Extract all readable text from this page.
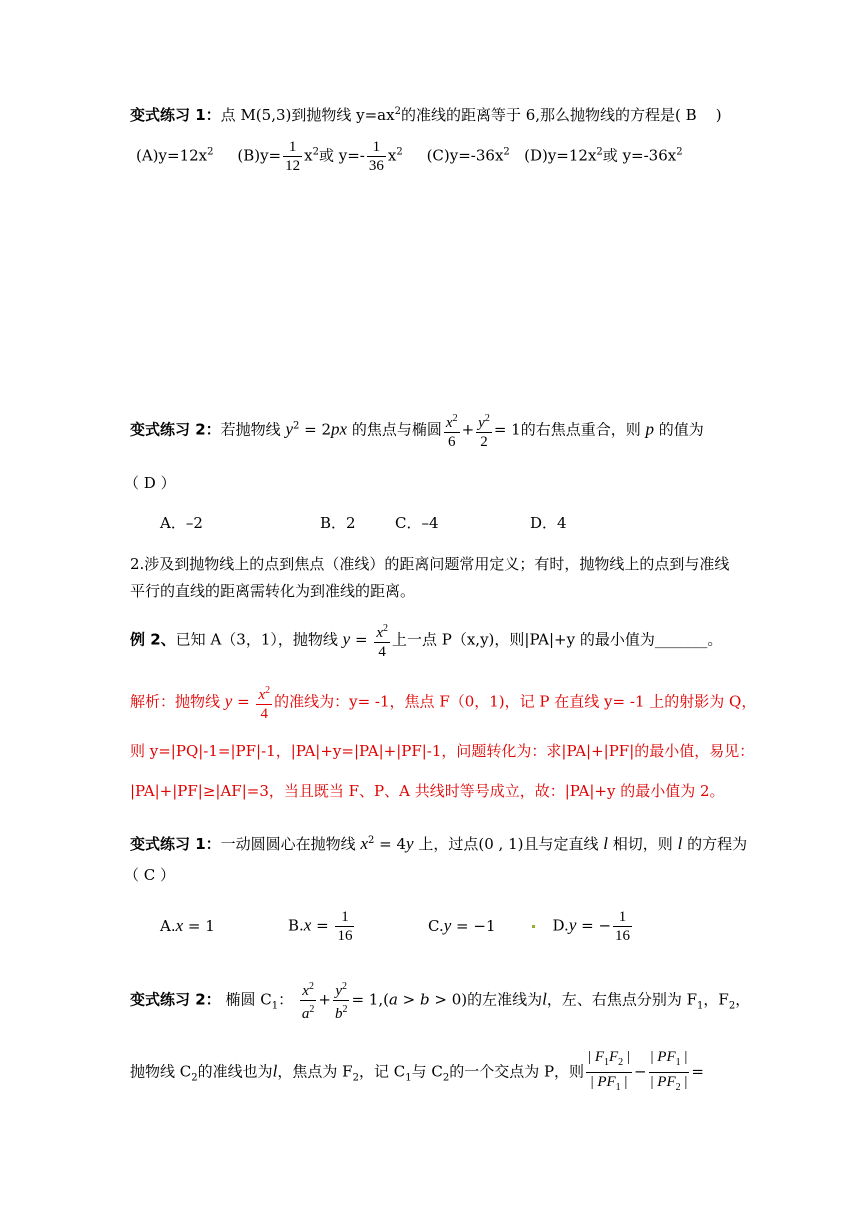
变式练习 1：点 M(5,3)到抛物线 $y=ax^2$的准线的距离等于 6,那么抛物线的方程是( B )
$(A)y=12x^2$ $(B)y= \frac{1}{12} x^2$或 $y=- \frac{1}{36} x^2$ $(C)y=-36x^2$ $(D)y=12x^2$或 $y=-36x^2$
变式练习 2：若抛物线 $y^2 = 2px$ 的焦点与椭圆 $\frac{x^2}{6} + \frac{y^2}{2} = 1$的右焦点重合，则 p 的值为
（ D ）
A．–2	B．2	C．–4	D．4
2.涉及到抛物线上的点到焦点（准线）的距离问题常用定义；有时，抛物线上的点到与准线
平行的直线的距离需转化为到准线的距离。
例 2、已知 A（3，1），抛物线 $y = \frac{x^2}{4}$ 上一点 P（x,y)，则|PA|+y 的最小值为_______。
解析：抛物线 $y = \frac{x^2}{4}$ 的准线为：y= -1，焦点 F（0，1)，记 P 在直线 y= -1 上的射影为 Q，
则 y=|PQ|-1=|PF|-1，|PA|+y=|PA|+|PF|-1，问题转化为：求|PA|+|PF|的最小值，易见：
|PA|+|PF|≥|AF|=3，当且既当 F、P、A 共线时等号成立，故：|PA|+y 的最小值为 2。
变式练习 1：一动圆圆心在抛物线 $x^2 = 4y$ 上，过点(0 , 1)且与定直线 l 相切，则 l 的方程为
（ C ）
A.x = 1	$B.x = \frac{1}{16}$	C.y = −1	D.y = − $\frac{1}{16}$
变式练习 2： 椭圆 $C_1$： $\frac{x^2}{a^2} + \frac{y^2}{b^2} = 1,(a > b > 0)$的左准线为l，左、右焦点分别为 $F_1$，$F_2$，
抛物线 $C_2$的准线也为l，焦点为 $F_2$，记 $C_1$与 $C_2$的一个交点为 P，则 $\frac{| F_1F_2 |}{| PF_1 |} - \frac{| PF_1 |}{| PF_2 |}$ =
